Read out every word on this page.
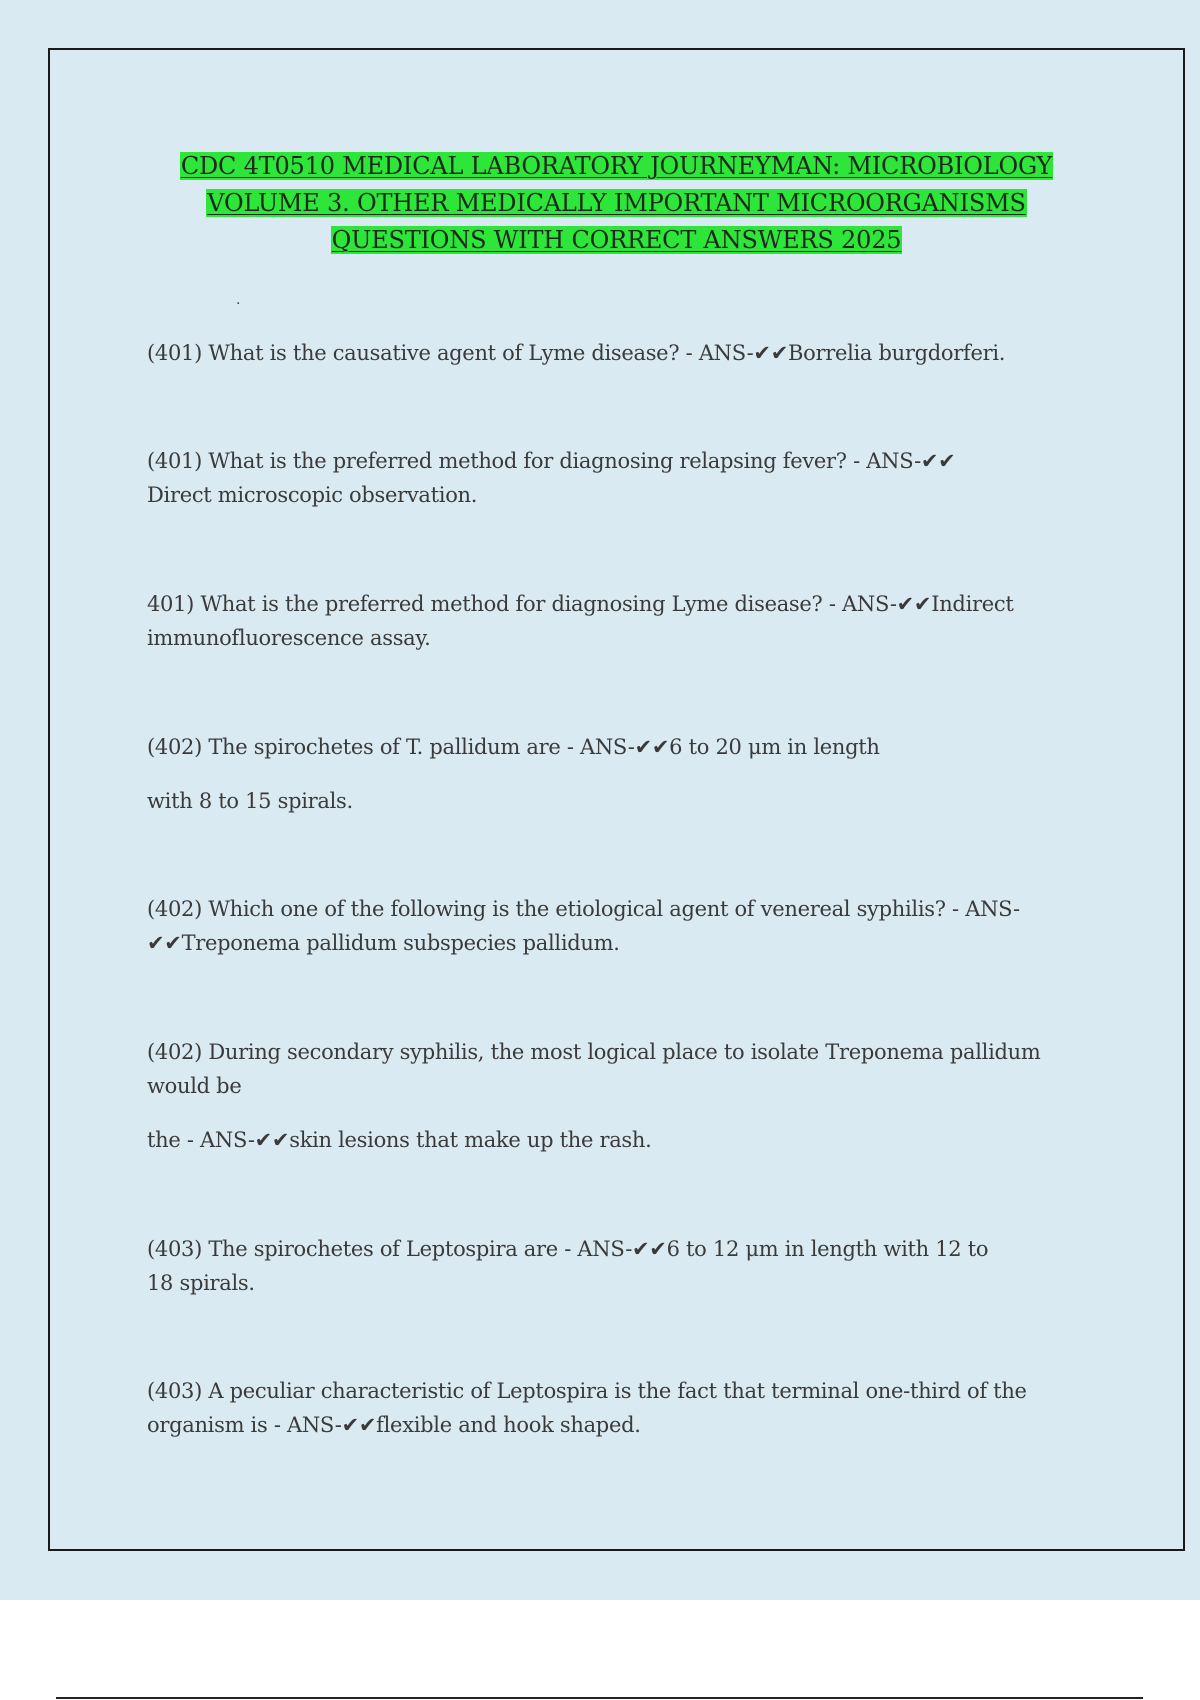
CDC 4T0510 MEDICAL LABORATORY JOURNEYMAN: MICROBIOLOGY
VOLUME 3. OTHER MEDICALLY IMPORTANT MICROORGANISMS
QUESTIONS WITH CORRECT ANSWERS 2025
.

(401) What is the causative agent of Lyme disease? - ANS-✔✔Borrelia burgdorferi.

(401) What is the preferred method for diagnosing relapsing fever? - ANS-✔✔

Direct microscopic observation.

401) What is the preferred method for diagnosing Lyme disease? - ANS-✔✔Indirect

immunofluorescence assay.

(402) The spirochetes of T. pallidum are - ANS-✔✔6 to 20 μm in length

with 8 to 15 spirals.

(402) Which one of the following is the etiological agent of venereal syphilis? - ANS-

✔✔Treponema pallidum subspecies pallidum.

(402) During secondary syphilis, the most logical place to isolate Treponema pallidum

would be

the - ANS-✔✔skin lesions that make up the rash.

(403) The spirochetes of Leptospira are - ANS-✔✔6 to 12 μm in length with 12 to

18 spirals.

(403) A peculiar characteristic of Leptospira is the fact that terminal one-third of the

organism is - ANS-✔✔flexible and hook shaped.
